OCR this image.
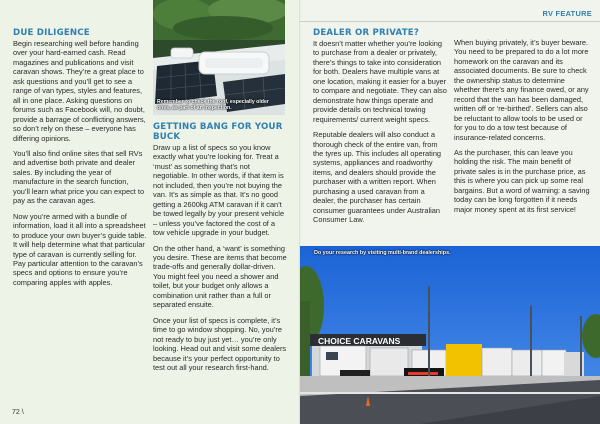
RV FEATURE
DUE DILIGENCE

Begin researching well before handing over your hard-earned cash. Read magazines and publications and visit caravan shows. They’re a great place to ask questions and you’ll get to see a range of van types, styles and features, all in one place. Asking questions on forums such as Facebook will, no doubt, provide a barrage of conflicting answers, so don’t rely on these – everyone has differing opinions.

You’ll also find online sites that sell RVs and advertise both private and dealer sales. By including the year of manufacture in the search function, you’ll learn what price you can expect to pay as the caravan ages.

Now you’re armed with a bundle of information, load it all into a spreadsheet to produce your own buyer’s guide table. It will help determine what that particular type of caravan is currently selling for. Pay particular attention to the caravan’s specs and options to ensure you’re comparing apples with apples.

Remember to check the roof, especially older ones, as part of an inspection.
GETTING BANG FOR YOUR BUCK

Draw up a list of specs so you know exactly what you’re looking for. Treat a ‘must’ as something that’s not negotiable. In other words, if that item is not included, then you’re not buying the van. It’s as simple as that. It’s no good getting a 2600kg ATM caravan if it can’t be towed legally by your present vehicle – unless you’ve factored the cost of a tow vehicle upgrade in your budget.

On the other hand, a ‘want’ is something you desire. These are items that become trade-offs and generally dollar-driven. You might feel you need a shower and toilet, but your budget only allows a combination unit rather than a full or separated ensuite.

Once your list of specs is complete, it’s time to go window shopping. No, you’re not ready to buy just yet… you’re only looking. Head out and visit some dealers because it’s your perfect opportunity to test out all your research first-hand.

DEALER OR PRIVATE?

It doesn’t matter whether you’re looking to purchase from a dealer or privately, there’s things to take into consideration for both. Dealers have multiple vans at one location, making it easier for a buyer to compare and negotiate. They can also demonstrate how things operate and provide details on technical towing requirements/ current weight specs.

Reputable dealers will also conduct a thorough check of the entire van, from the tyres up. This includes all operating systems, appliances and roadworthy items, and dealers should provide the purchaser with a written report. When purchasing a used caravan from a dealer, the purchaser has certain consumer guarantees under Australian Consumer Law.

When buying privately, it’s buyer beware. You need to be prepared to do a lot more homework on the caravan and its associated documents. Be sure to check the ownership status to determine whether there’s any finance owed, or any record that the van has been damaged, written off or ‘re-birthed’. Sellers can also be reluctant to allow tools to be used or for you to do a tow test because of insurance-related concerns.

As the purchaser, this can leave you holding the risk. The main benefit of private sales is in the purchase price, as this is where you can pick up some real bargains. But a word of warning: a saving today can be long forgotten if it needs major money spent at its first service!

CHOICE CARAVANS
Do your research by visiting multi-brand dealerships.
72 \
